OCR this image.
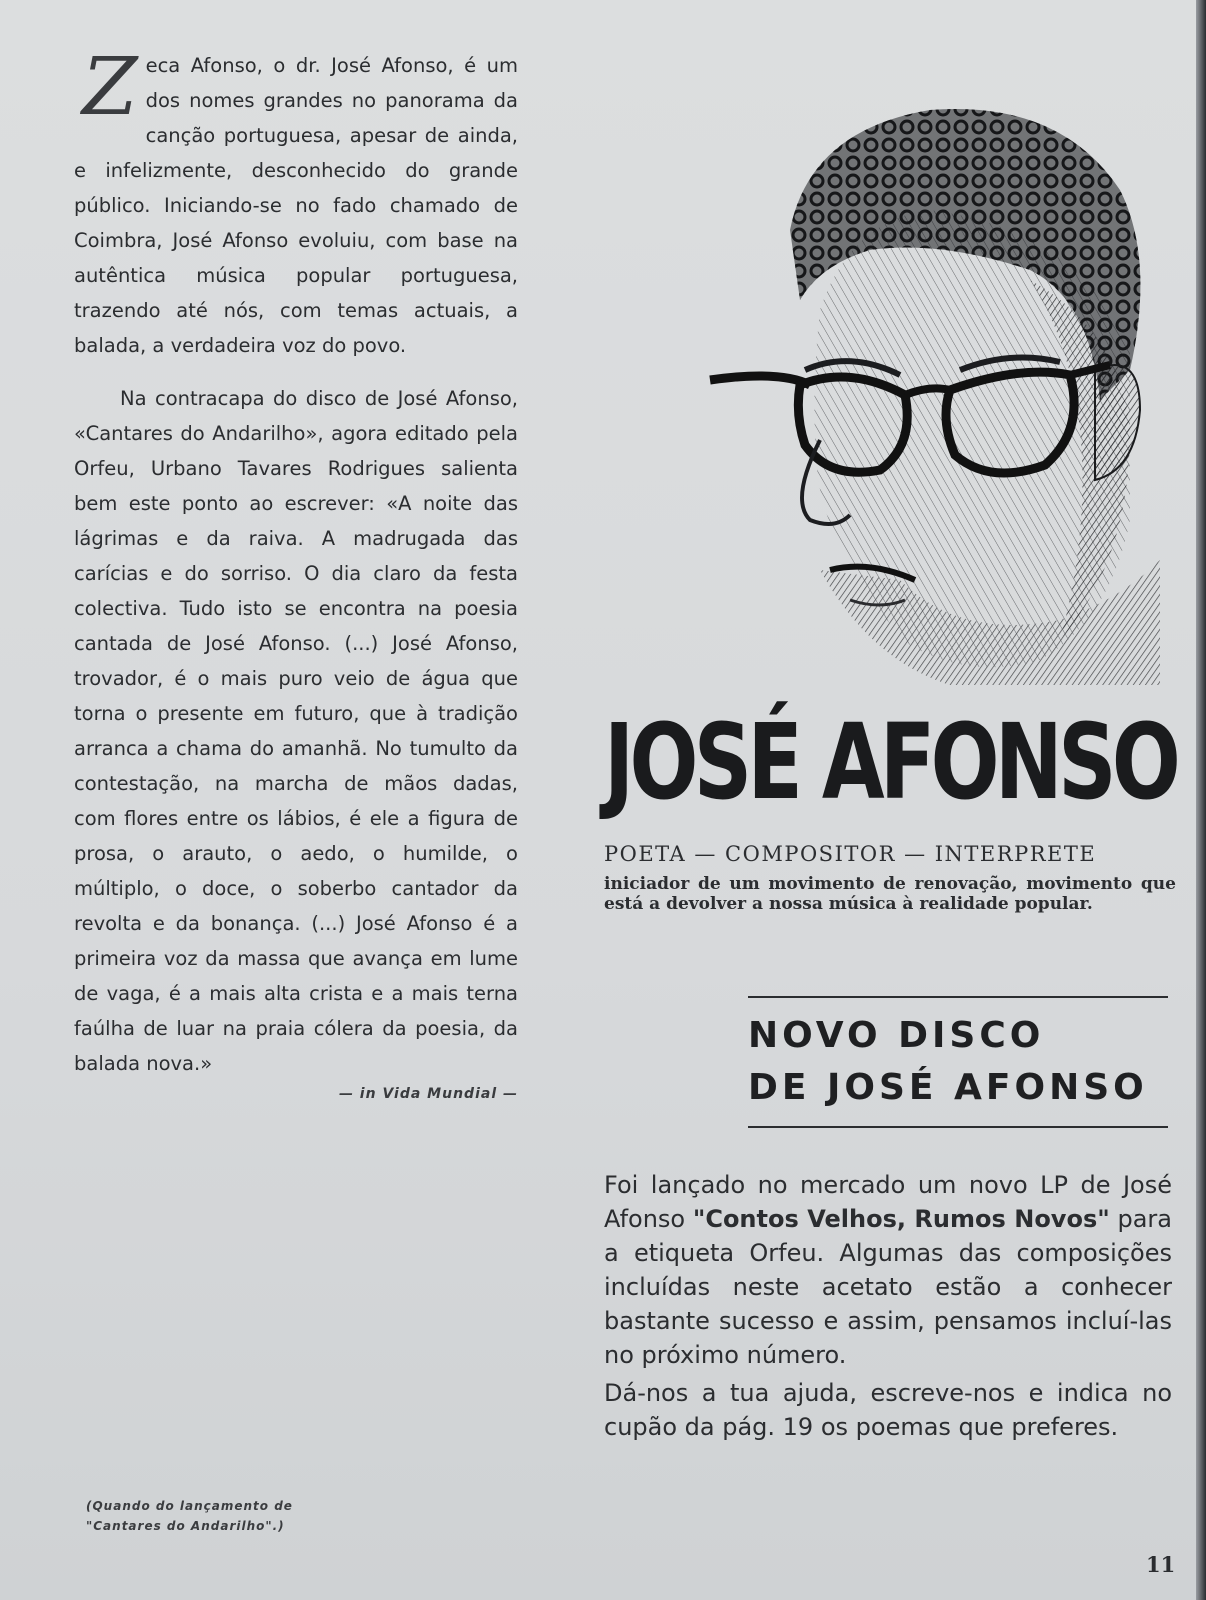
Zeca Afonso, o dr. José Afonso, é um dos nomes grandes no panorama da canção portuguesa, apesar de ainda, e infelizmente, desconhecido do grande público. Iniciando-se no fado chamado de Coimbra, José Afonso evoluiu, com base na autêntica música popular portuguesa, trazendo até nós, com temas actuais, a balada, a verdadeira voz do povo.

Na contracapa do disco de José Afonso, «Cantares do Andarilho», agora editado pela Orfeu, Urbano Tavares Rodrigues salienta bem este ponto ao escrever: «A noite das lágrimas e da raiva. A madrugada das carícias e do sorriso. O dia claro da festa colectiva. Tudo isto se encontra na poesia cantada de José Afonso. (...) José Afonso, trovador, é o mais puro veio de água que torna o presente em futuro, que à tradição arranca a chama do amanhã. No tumulto da contestação, na marcha de mãos dadas, com flores entre os lábios, é ele a figura de prosa, o arauto, o aedo, o humilde, o múltiplo, o doce, o soberbo cantador da revolta e da bonança. (...) José Afonso é a primeira voz da massa que avança em lume de vaga, é a mais alta crista e a mais terna faúlha de luar na praia cólera da poesia, da balada nova.»

— in Vida Mundial —
(Quando do lançamento de
"Cantares do Andarilho".)
JOSÉ AFONSO
POETA — COMPOSITOR — INTERPRETE
iniciador de um movimento de renovação, movimento que está a devolver a nossa música à realidade popular.
NOVO DISCO
DE JOSÉ AFONSO

Foi lançado no mercado um novo LP de José Afonso "Contos Velhos, Rumos Novos" para a etiqueta Orfeu. Algumas das composições incluídas neste acetato estão a conhecer bastante sucesso e assim, pensamos incluí-las no próximo número.

Dá-nos a tua ajuda, escreve-nos e indica no cupão da pág. 19 os poemas que preferes.

11
